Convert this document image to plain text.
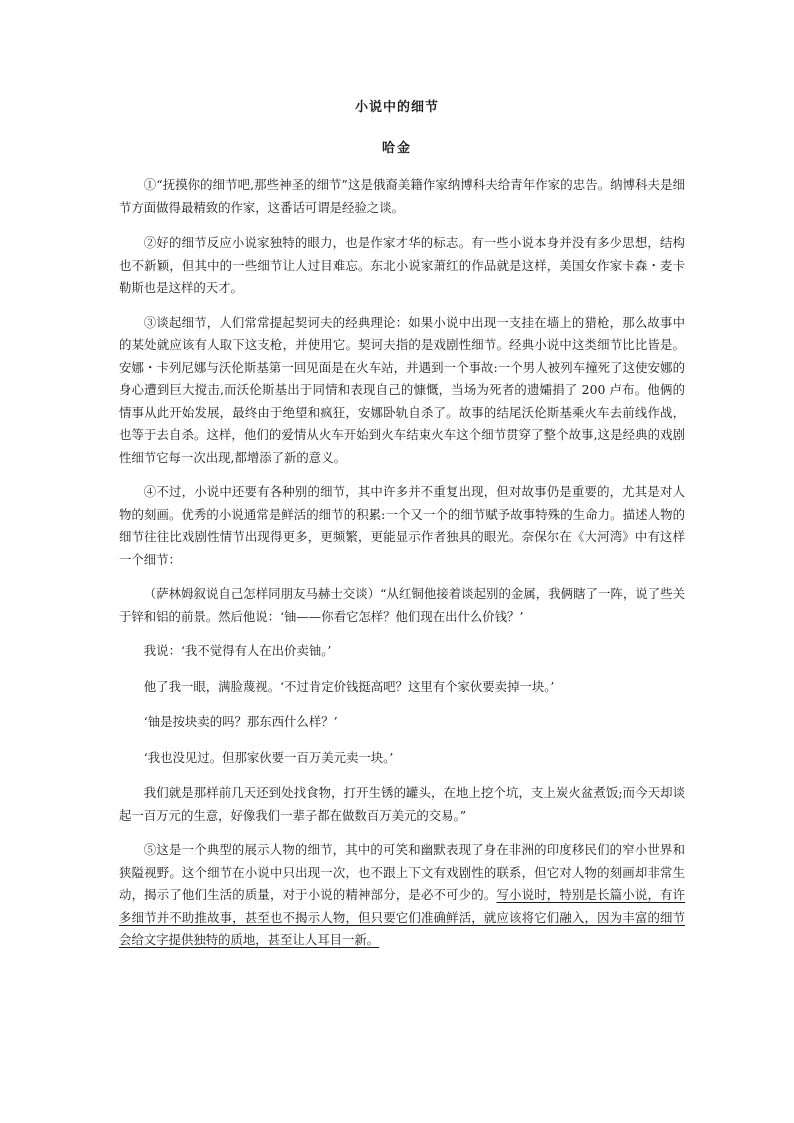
小说中的细节
哈金

①“抚摸你的细节吧,那些神圣的细节”这是俄裔美籍作家纳博科夫给青年作家的忠告。纳博科夫是细节方面做得最精致的作家，这番话可谓是经验之谈。

②好的细节反应小说家独特的眼力，也是作家才华的标志。有一些小说本身并没有多少思想，结构也不新颖，但其中的一些细节让人过目难忘。东北小说家萧红的作品就是这样，美国女作家卡森・麦卡勒斯也是这样的天才。

③谈起细节，人们常常提起契诃夫的经典理论：如果小说中出现一支挂在墙上的猎枪，那么故事中的某处就应该有人取下这支枪，并使用它。契诃夫指的是戏剧性细节。经典小说中这类细节比比皆是。安娜・卡列尼娜与沃伦斯基第一回见面是在火车站，并遇到一个事故:一个男人被列车撞死了这使安娜的身心遭到巨大搅击,而沃伦斯基出于同情和表现自己的慷慨，当场为死者的遗孀捐了 200 卢布。他俩的情事从此开始发展，最终由于绝望和疯狂，安娜卧轨自杀了。故事的结尾沃伦斯基乘火车去前线作战，也等于去自杀。这样，他们的爱情从火车开始到火车结束火车这个细节贯穿了整个故事,这是经典的戏剧性细节它每一次出现,都增添了新的意义。

④不过，小说中还要有各种别的细节，其中许多并不重复出现，但对故事仍是重要的，尤其是对人物的刻画。优秀的小说通常是鲜活的细节的积累:一个又一个的细节赋予故事特殊的生命力。描述人物的细节往往比戏剧性情节出现得更多，更频繁，更能显示作者独具的眼光。奈保尔在《大河湾》中有这样一个细节：

（萨林姆叙说自己怎样同朋友马赫士交谈）“从红铜他接着谈起别的金属，我俩瞎了一阵，说了些关于锌和铝的前景。然后他说：‘铀——你看它怎样？他们现在出什么价钱？’

我说：‘我不觉得有人在出价卖铀。’

他了我一眼，满脸蔑视。‘不过肯定价钱挺高吧？这里有个家伙要卖掉一块。’

‘铀是按块卖的吗？那东西什么样？’

‘我也没见过。但那家伙要一百万美元卖一块。’

我们就是那样前几天还到处找食物，打开生锈的罐头，在地上挖个坑，支上炭火盆煮饭;而今天却谈起一百万元的生意，好像我们一辈子都在做数百万美元的交易。”

⑤这是一个典型的展示人物的细节，其中的可笑和幽默表现了身在非洲的印度移民们的窄小世界和狭隘视野。这个细节在小说中只出现一次，也不跟上下文有戏剧性的联系，但它对人物的刻画却非常生动，揭示了他们生活的质量，对于小说的精神部分，是必不可少的。写小说时，特别是长篇小说，有许多细节并不助推故事，甚至也不揭示人物，但只要它们准确鲜活，就应该将它们融入，因为丰富的细节会给文字提供独特的质地，甚至让人耳目一新。
